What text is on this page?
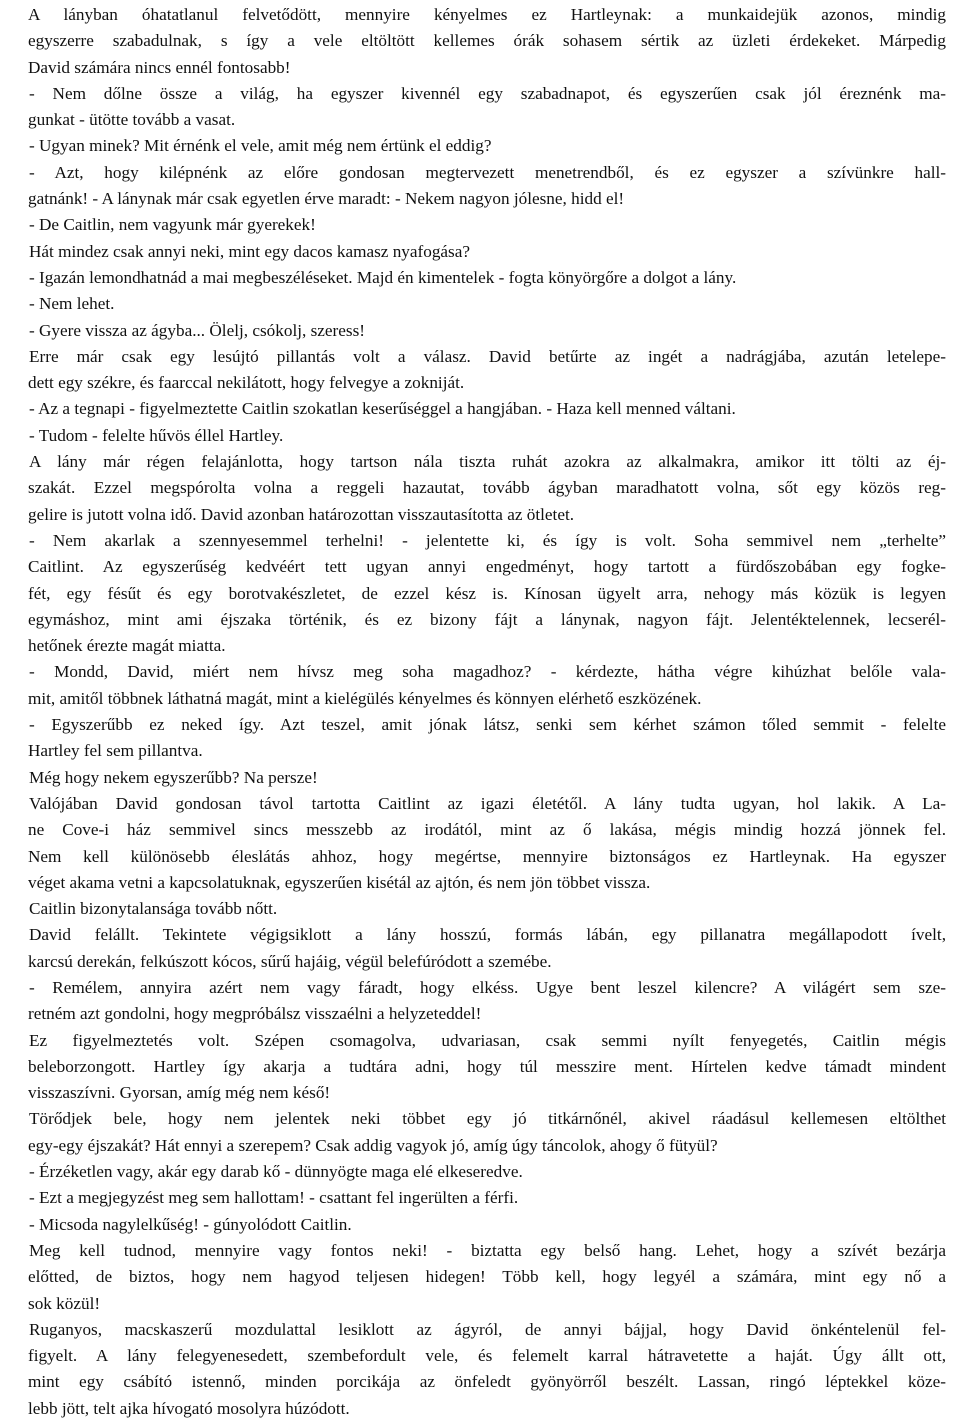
A lányban óhatatlanul felvetődött, mennyire kényelmes ez Hartleynak: a munkaidejük azonos, mindig
egyszerre szabadulnak, s így a vele eltöltött kellemes órák sohasem sértik az üzleti érdekeket. Márpedig
David számára nincs ennél fontosabb!
- Nem dőlne össze a világ, ha egyszer kivennél egy szabadnapot, és egyszerűen csak jól éreznénk ma-
gunkat - ütötte tovább a vasat.
- Ugyan minek? Mit érnénk el vele, amit még nem értünk el eddig?
- Azt, hogy kilépnénk az előre gondosan megtervezett menetrendből, és ez egyszer a szívünkre hall-
gatnánk! - A lánynak már csak egyetlen érve maradt: - Nekem nagyon jólesne, hidd el!
- De Caitlin, nem vagyunk már gyerekek!
Hát mindez csak annyi neki, mint egy dacos kamasz nyafogása?
- Igazán lemondhatnád a mai megbeszéléseket. Majd én kimentelek - fogta könyörgőre a dolgot a lány.
- Nem lehet.
- Gyere vissza az ágyba... Ölelj, csókolj, szeress!
Erre már csak egy lesújtó pillantás volt a válasz. David betűrte az ingét a nadrágjába, azután letelepe-
dett egy székre, és faarccal nekilátott, hogy felvegye a zokniját.
- Az a tegnapi - figyelmeztette Caitlin szokatlan keserűséggel a hangjában. - Haza kell menned váltani.
- Tudom - felelte hűvös éllel Hartley.
A lány már régen felajánlotta, hogy tartson nála tiszta ruhát azokra az alkalmakra, amikor itt tölti az éj-
szakát. Ezzel megspórolta volna a reggeli hazautat, tovább ágyban maradhatott volna, sőt egy közös reg-
gelire is jutott volna idő. David azonban határozottan visszautasította az ötletet.
- Nem akarlak a szennyesemmel terhelni! - jelentette ki, és így is volt. Soha semmivel nem „terhelte”
Caitlint. Az egyszerűség kedvéért tett ugyan annyi engedményt, hogy tartott a fürdőszobában egy fogke-
fét, egy fésűt és egy borotvakészletet, de ezzel kész is. Kínosan ügyelt arra, nehogy más közük is legyen
egymáshoz, mint ami éjszaka történik, és ez bizony fájt a lánynak, nagyon fájt. Jelentéktelennek, lecserél-
hetőnek érezte magát miatta.
- Mondd, David, miért nem hívsz meg soha magadhoz? - kérdezte, hátha végre kihúzhat belőle vala-
mit, amitől többnek láthatná magát, mint a kielégülés kényelmes és könnyen elérhető eszközének.
- Egyszerűbb ez neked így. Azt teszel, amit jónak látsz, senki sem kérhet számon tőled semmit - felelte
Hartley fel sem pillantva.
Még hogy nekem egyszerűbb? Na persze!
Valójában David gondosan távol tartotta Caitlint az igazi életétől. A lány tudta ugyan, hol lakik. A La-
ne Cove-i ház semmivel sincs messzebb az irodától, mint az ő lakása, mégis mindig hozzá jönnek fel.
Nem kell különösebb éleslátás ahhoz, hogy megértse, mennyire biztonságos ez Hartleynak. Ha egyszer
véget akama vetni a kapcsolatuknak, egyszerűen kisétál az ajtón, és nem jön többet vissza.
Caitlin bizonytalansága tovább nőtt.
David felállt. Tekintete végigsiklott a lány hosszú, formás lábán, egy pillanatra megállapodott ívelt,
karcsú derekán, felkúszott kócos, sűrű hajáig, végül belefúródott a szemébe.
- Remélem, annyira azért nem vagy fáradt, hogy elkéss. Ugye bent leszel kilencre? A világért sem sze-
retném azt gondolni, hogy megpróbálsz visszaélni a helyzeteddel!
Ez figyelmeztetés volt. Szépen csomagolva, udvariasan, csak semmi nyílt fenyegetés, Caitlin mégis
beleborzongott. Hartley így akarja a tudtára adni, hogy túl messzire ment. Hírtelen kedve támadt mindent
visszaszívni. Gyorsan, amíg még nem késő!
Törődjek bele, hogy nem jelentek neki többet egy jó titkárnőnél, akivel ráadásul kellemesen eltölthet
egy-egy éjszakát? Hát ennyi a szerepem? Csak addig vagyok jó, amíg úgy táncolok, ahogy ő fütyül?
- Érzéketlen vagy, akár egy darab kő - dünnyögte maga elé elkeseredve.
- Ezt a megjegyzést meg sem hallottam! - csattant fel ingerülten a férfi.
- Micsoda nagylelkűség! - gúnyolódott Caitlin.
Meg kell tudnod, mennyire vagy fontos neki! - biztatta egy belső hang. Lehet, hogy a szívét bezárja
előtted, de biztos, hogy nem hagyod teljesen hidegen! Több kell, hogy legyél a számára, mint egy nő a
sok közül!
Ruganyos, macskaszerű mozdulattal lesiklott az ágyról, de annyi bájjal, hogy David önkéntelenül fel-
figyelt. A lány felegyenesedett, szembefordult vele, és felemelt karral hátravetette a haját. Úgy állt ott,
mint egy csábító istennő, minden porcikája az önfeledt gyönyörről beszélt. Lassan, ringó léptekkel köze-
lebb jött, telt ajka hívogató mosolyra húzódott.
